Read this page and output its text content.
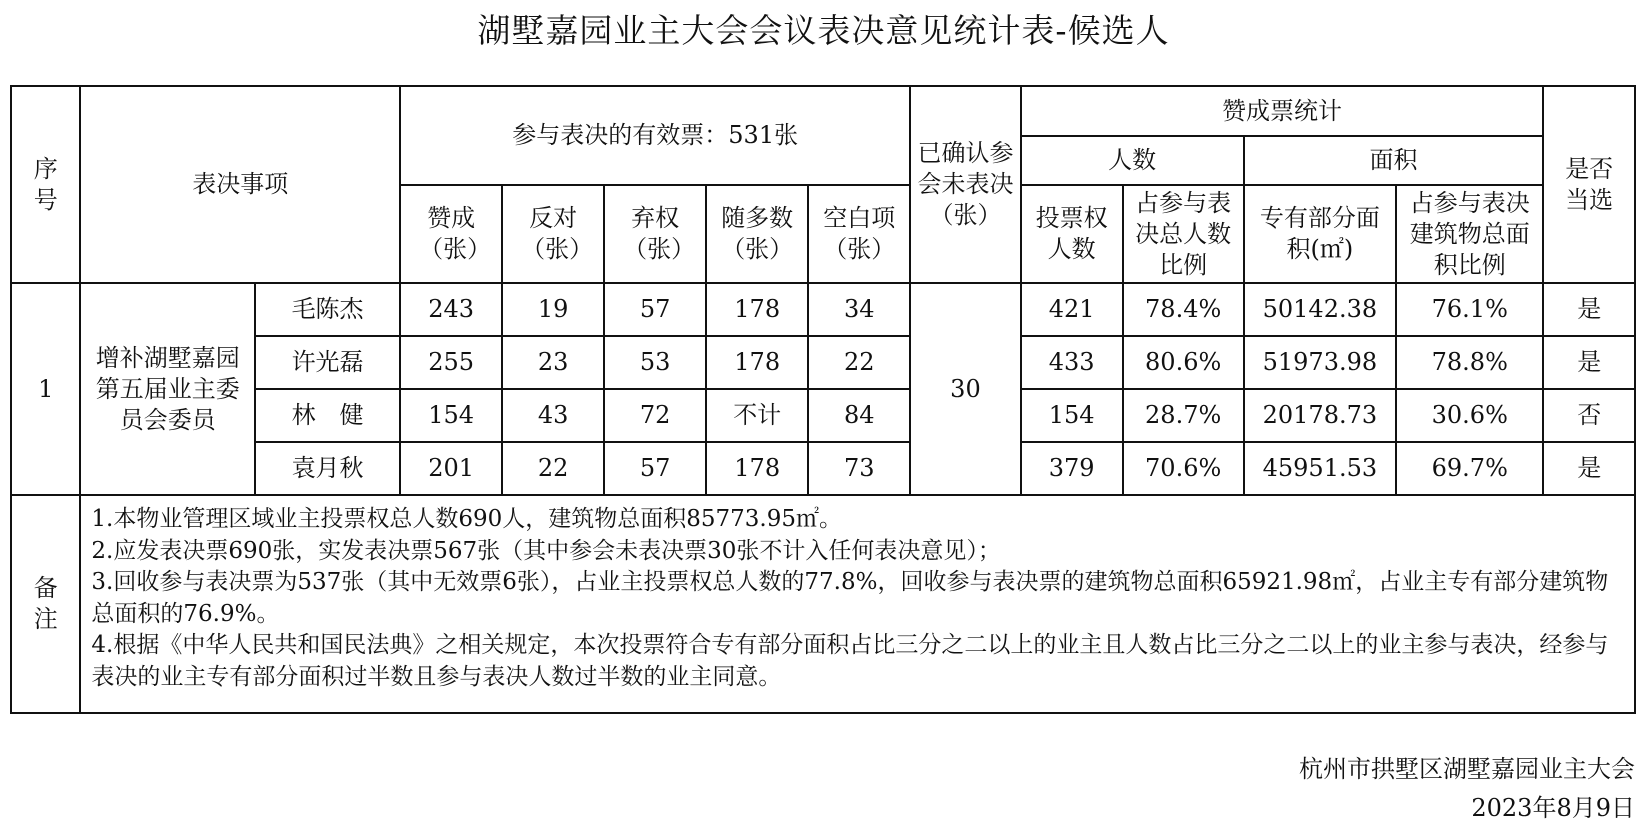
湖墅嘉园业主大会会议表决意见统计表-候选人
序号	表决事项		参与表决的有效票：531张					已确认参会未表决（张）	赞成票统计				是否当选
									人数		面积		
			赞成（张）	反对（张）	弃权（张）	随多数（张）	空白项（张）		投票权人数	占参与表决总人数比例	专有部分面积(㎡)	占参与表决建筑物总面积比例	
1	增补湖墅嘉园第五届业主委员会委员	毛陈杰	243	19	57	178	34	30	421	78.4%	50142.38	76.1%	是
		许光磊	255	23	53	178	22		433	80.6%	51973.98	78.8%	是
		林　健	154	43	72	不计	84		154	28.7%	20178.73	30.6%	否
		袁月秋	201	22	57	178	73		379	70.6%	45951.53	69.7%	是
备注	1.本物业管理区域业主投票权总人数690人，建筑物总面积85773.95㎡。
2.应发表决票690张，实发表决票567张（其中参会未表决票30张不计入任何表决意见）；
3.回收参与表决票为537张（其中无效票6张），占业主投票权总人数的77.8%，回收参与表决票的建筑物总面积65921.98㎡，占业主专有部分建筑物总面积的76.9%。
4.根据《中华人民共和国民法典》之相关规定，本次投票符合专有部分面积占比三分之二以上的业主且人数占比三分之二以上的业主参与表决，经参与表决的业主专有部分面积过半数且参与表决人数过半数的业主同意。												
杭州市拱墅区湖墅嘉园业主大会
2023年8月9日
